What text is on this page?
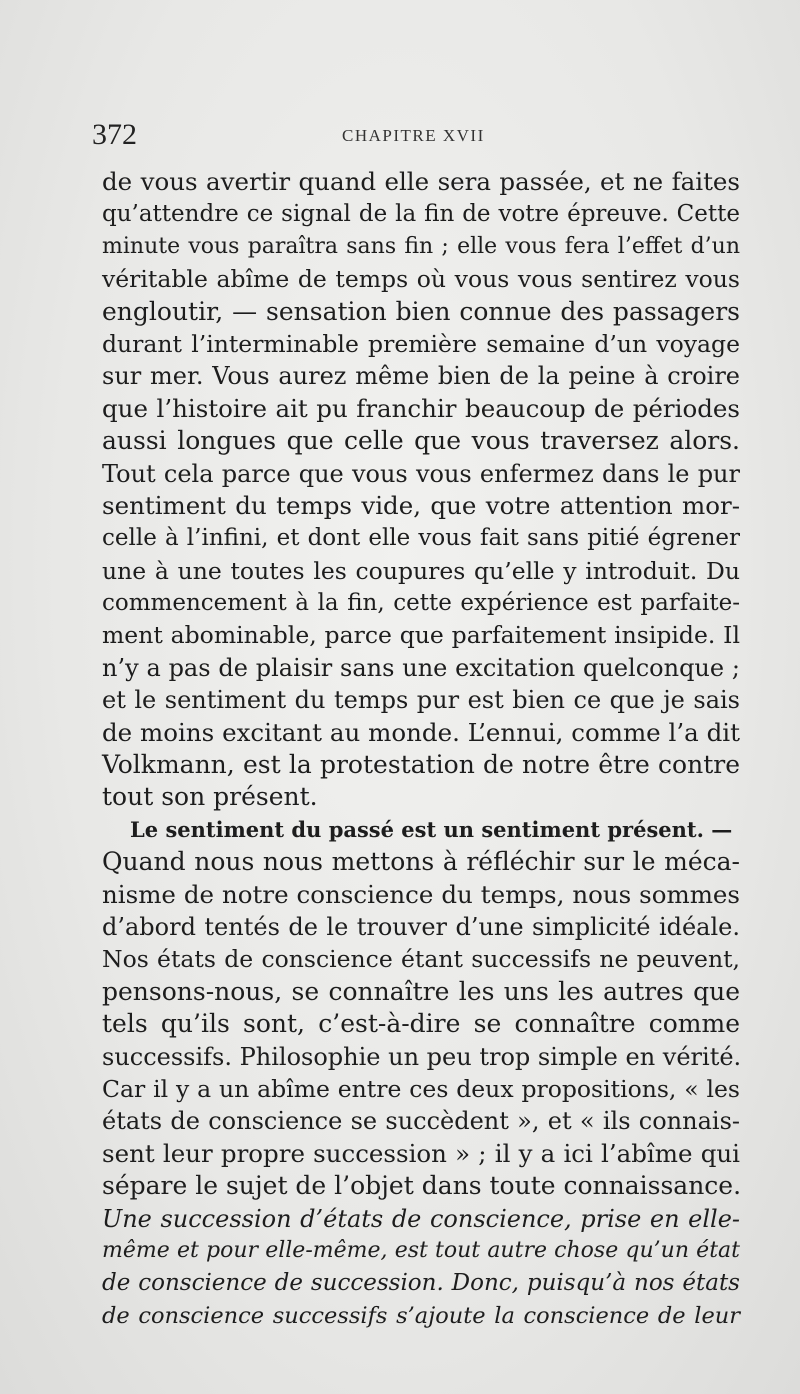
372	CHAPITRE XVII
de vous avertir quand elle sera passée, et ne faites
qu’attendre ce signal de la fin de votre épreuve. Cette
minute vous paraîtra sans fin ; elle vous fera l’effet d’un
véritable abîme de temps où vous vous sentirez vous
engloutir, — sensation bien connue des passagers
durant l’interminable première semaine d’un voyage
sur mer. Vous aurez même bien de la peine à croire
que l’histoire ait pu franchir beaucoup de périodes
aussi longues que celle que vous traversez alors.
Tout cela parce que vous vous enfermez dans le pur
sentiment du temps vide, que votre attention mor-
celle à l’infini, et dont elle vous fait sans pitié égrener
une à une toutes les coupures qu’elle y introduit. Du
commencement à la fin, cette expérience est parfaite-
ment abominable, parce que parfaitement insipide. Il
n’y a pas de plaisir sans une excitation quelconque ;
et le sentiment du temps pur est bien ce que je sais
de moins excitant au monde. L’ennui, comme l’a dit
Volkmann, est la protestation de notre être contre
tout son présent.
Le sentiment du passé est un sentiment présent. —
Quand nous nous mettons à réfléchir sur le méca-
nisme de notre conscience du temps, nous sommes
d’abord tentés de le trouver d’une simplicité idéale.
Nos états de conscience étant successifs ne peuvent,
pensons-nous, se connaître les uns les autres que
tels qu’ils sont, c’est-à-dire se connaître comme
successifs. Philosophie un peu trop simple en vérité.
Car il y a un abîme entre ces deux propositions, « les
états de conscience se succèdent », et « ils connais-
sent leur propre succession » ; il y a ici l’abîme qui
sépare le sujet de l’objet dans toute connaissance.
Une succession d’états de conscience, prise en elle-
même et pour elle-même, est tout autre chose qu’un état
de conscience de succession. Donc, puisqu’à nos états
de conscience successifs s’ajoute la conscience de leur
